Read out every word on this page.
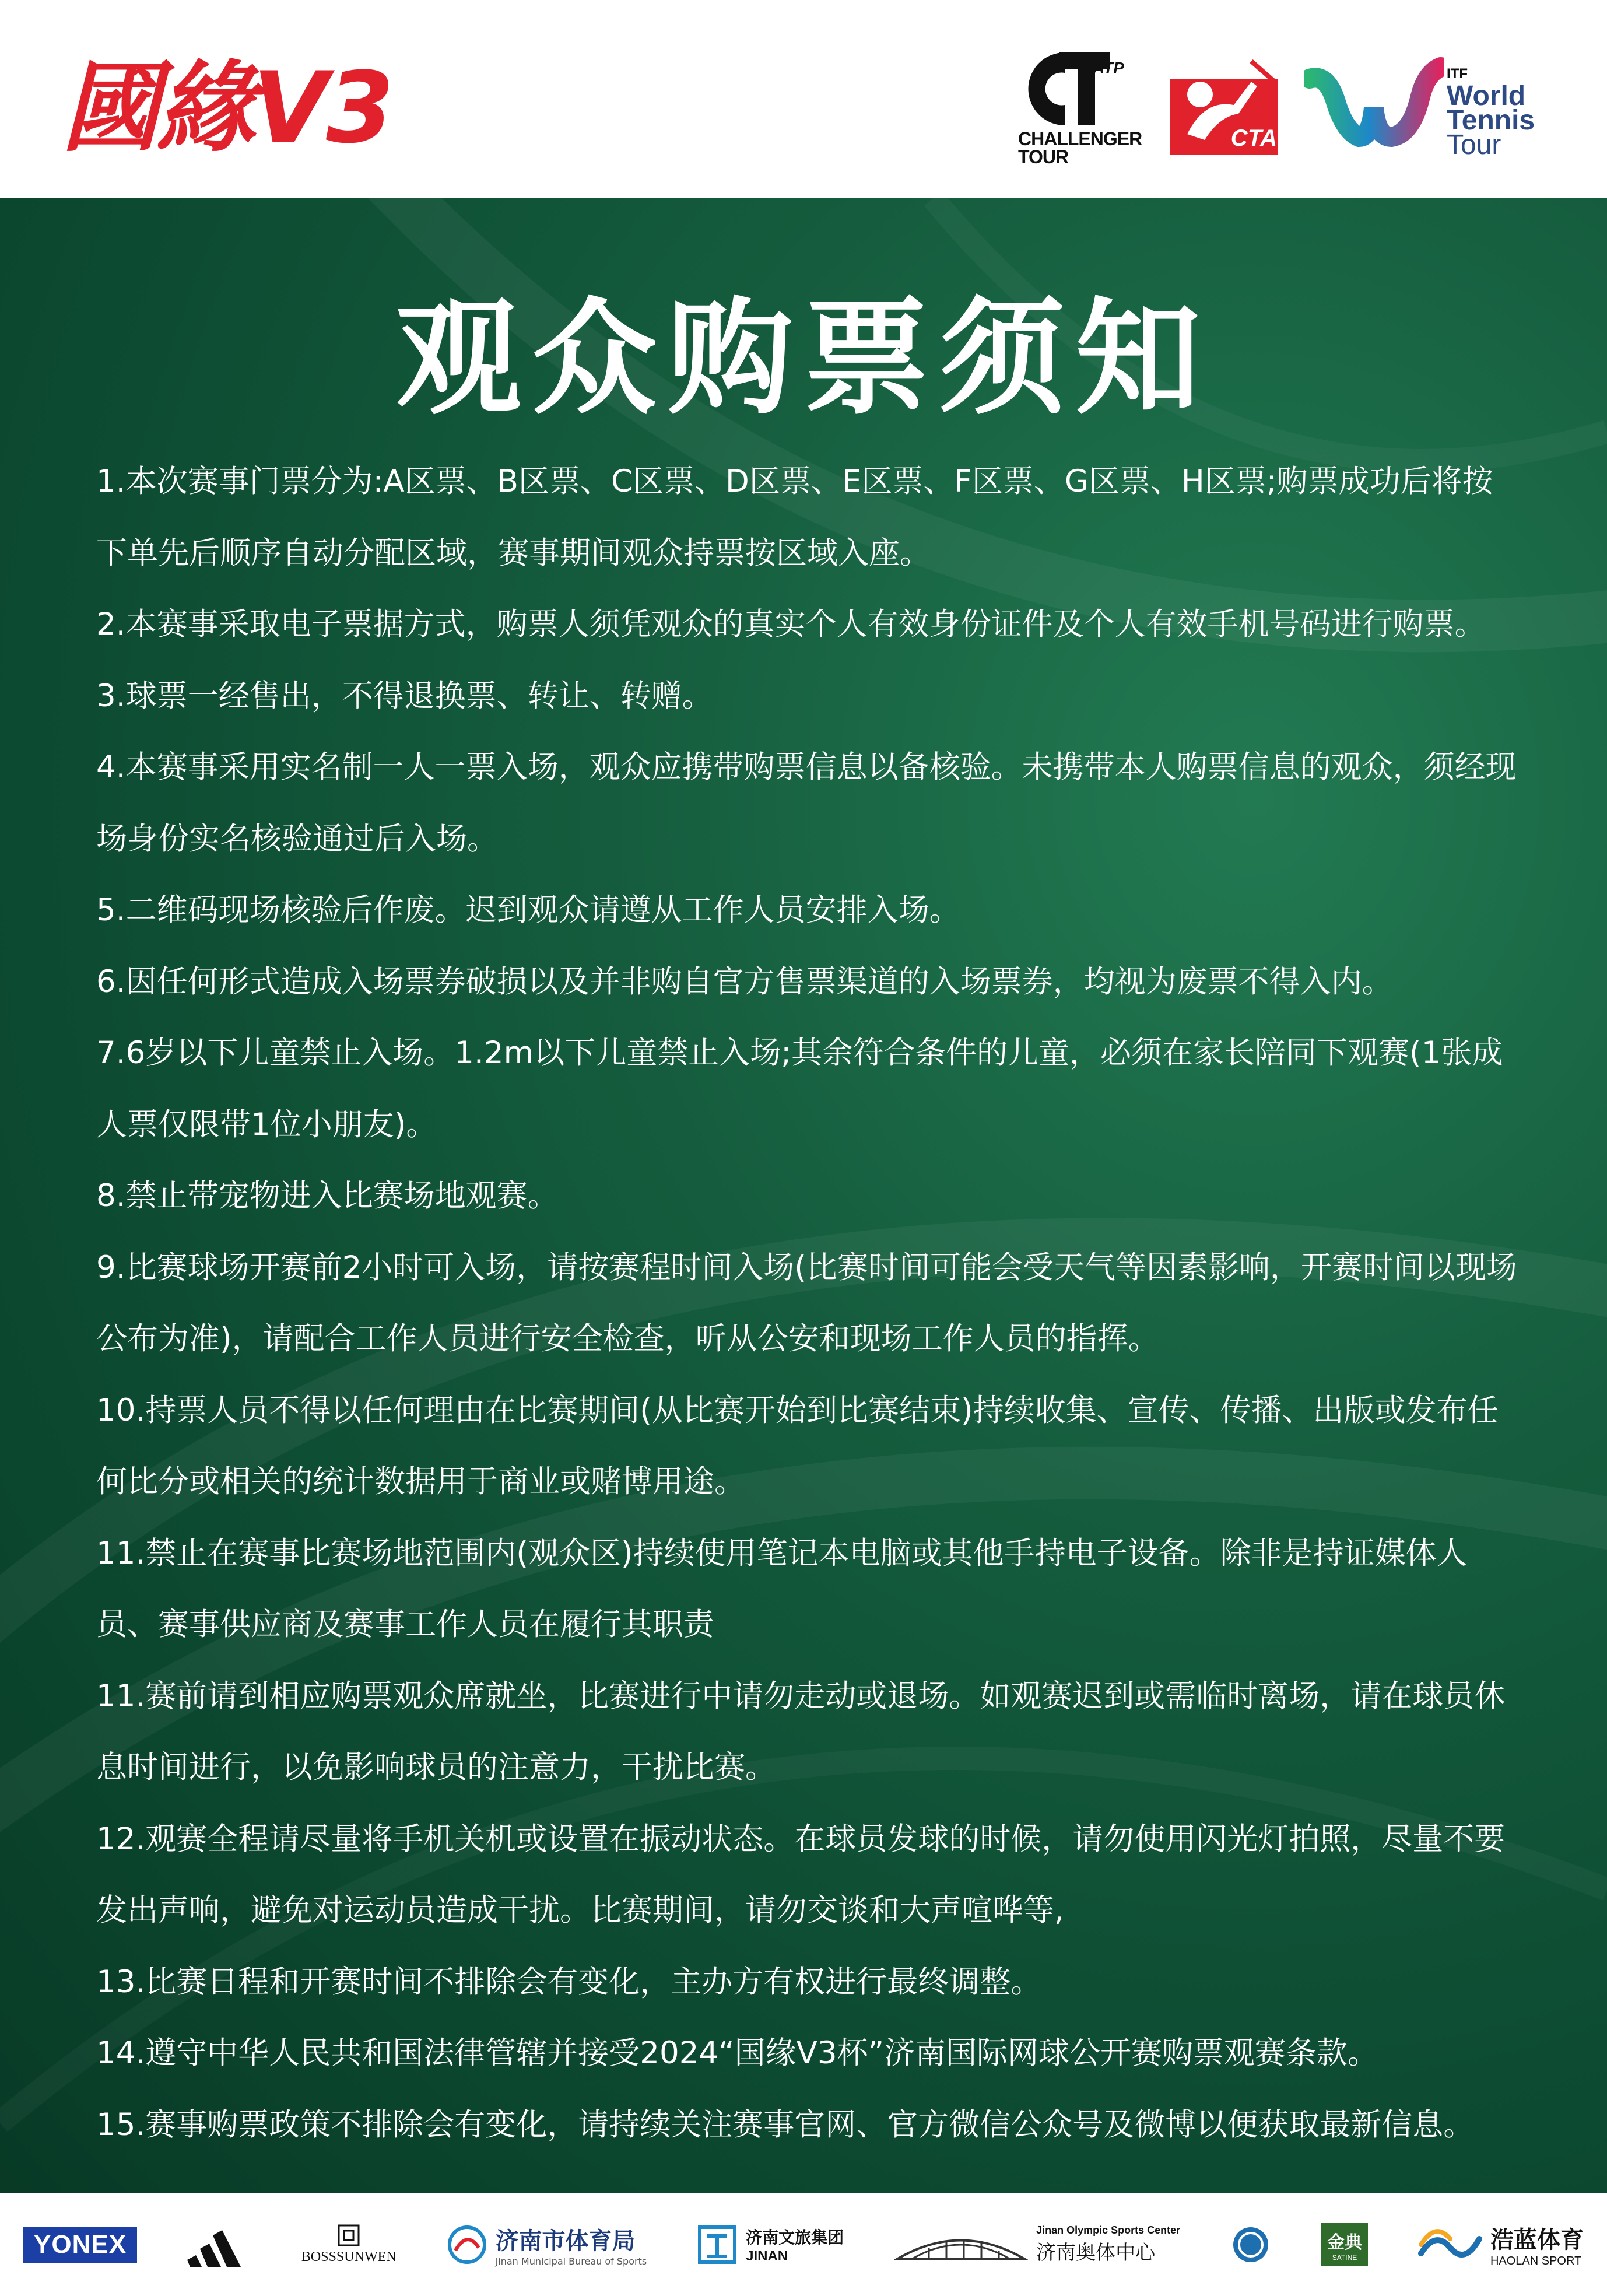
國緣V3	ATP
CHALLENGER
TOUR
CTA
ITF
World
Tennis
Tour
观众购票须知

1.本次赛事门票分为:A区票、B区票、C区票、D区票、E区票、F区票、G区票、H区票;购票成功后将按下单先后顺序自动分配区域，赛事期间观众持票按区域入座。

2.本赛事采取电子票据方式，购票人须凭观众的真实个人有效身份证件及个人有效手机号码进行购票。

3.球票一经售出，不得退换票、转让、转赠。

4.本赛事采用实名制一人一票入场，观众应携带购票信息以备核验。未携带本人购票信息的观众，须经现场身份实名核验通过后入场。

5.二维码现场核验后作废。迟到观众请遵从工作人员安排入场。

6.因任何形式造成入场票券破损以及并非购自官方售票渠道的入场票券，均视为废票不得入内。

7.6岁以下儿童禁止入场。1.2m以下儿童禁止入场;其余符合条件的儿童，必须在家长陪同下观赛(1张成人票仅限带1位小朋友)。

8.禁止带宠物进入比赛场地观赛。

9.比赛球场开赛前2小时可入场，请按赛程时间入场(比赛时间可能会受天气等因素影响，开赛时间以现场公布为准)，请配合工作人员进行安全检查，听从公安和现场工作人员的指挥。

10.持票人员不得以任何理由在比赛期间(从比赛开始到比赛结束)持续收集、宣传、传播、出版或发布任何比分或相关的统计数据用于商业或赌博用途。

11.禁止在赛事比赛场地范围内(观众区)持续使用笔记本电脑或其他手持电子设备。除非是持证媒体人员、赛事供应商及赛事工作人员在履行其职责

11.赛前请到相应购票观众席就坐，比赛进行中请勿走动或退场。如观赛迟到或需临时离场，请在球员休息时间进行，以免影响球员的注意力，干扰比赛。

12.观赛全程请尽量将手机关机或设置在振动状态。在球员发球的时候，请勿使用闪光灯拍照，尽量不要发出声响，避免对运动员造成干扰。比赛期间，请勿交谈和大声喧哗等,

13.比赛日程和开赛时间不排除会有变化，主办方有权进行最终调整。

14.遵守中华人民共和国法律管辖并接受2024“国缘V3杯”济南国际网球公开赛购票观赛条款。

15.赛事购票政策不排除会有变化，请持续关注赛事官网、官方微信公众号及微博以便获取最新信息。

YONEX	BOSSSUNWEN
济南市体育局
Jinan Municipal Bureau of Sports
济南文旅集团
JINAN
Jinan Olympic Sports Center
济南奥体中心	金典
SATINE
浩蓝体育
HAOLAN SPORT
